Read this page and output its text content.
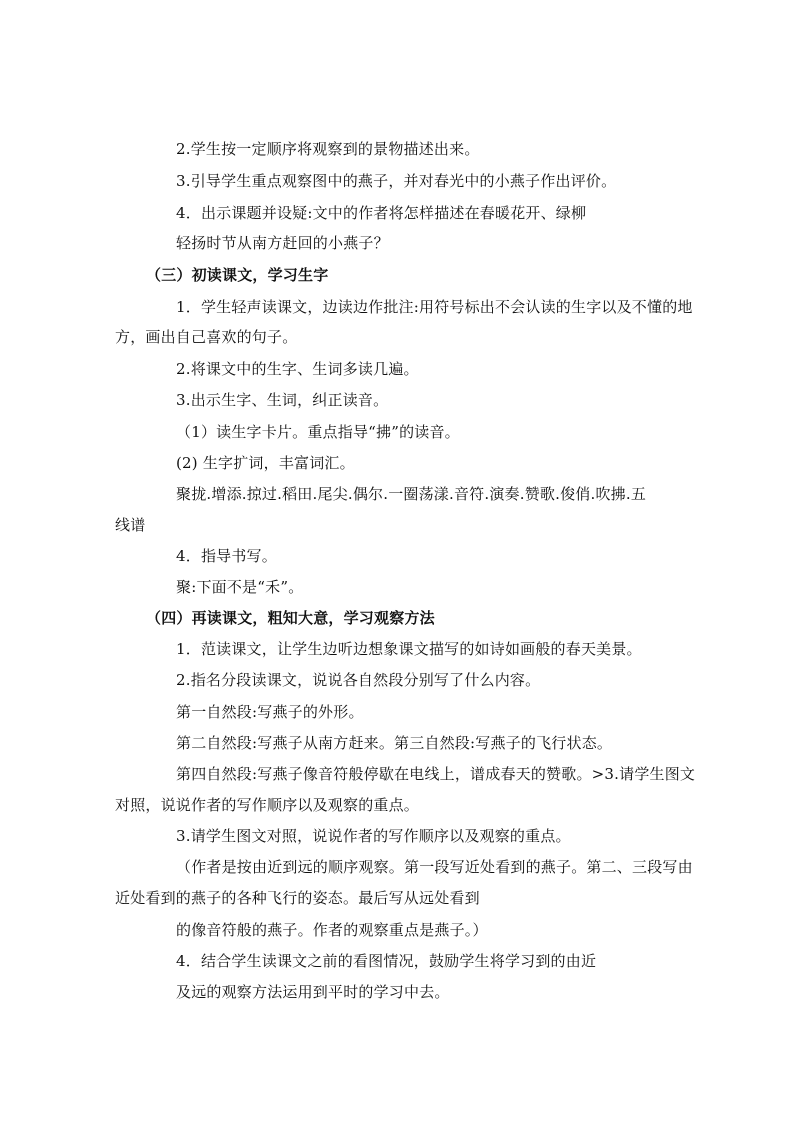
2.学生按一定顺序将观察到的景物描述出来。
3.引导学生重点观察图中的燕子，并对春光中的小燕子作出评价。
4．出示课题并设疑:文中的作者将怎样描述在春暖花开、绿柳
轻扬时节从南方赶回的小燕子？
（三）初读课文，学习生字
1．学生轻声读课文，边读边作批注:用符号标出不会认读的生字以及不懂的地
方，画出自己喜欢的句子。
2.将课文中的生字、生词多读几遍。
3.出示生字、生词，纠正读音。
（1）读生字卡片。重点指导“拂”的读音。
(2) 生字扩词，丰富词汇。
聚拢.增添.掠过.稻田.尾尖.偶尔.一圈荡漾.音符.演奏.赞歌.俊俏.吹拂.五
线谱
4．指导书写。
聚:下面不是“禾”。
（四）再读课文，粗知大意，学习观察方法
1．范读课文，让学生边听边想象课文描写的如诗如画般的春天美景。
2.指名分段读课文，说说各自然段分别写了什么内容。
第一自然段:写燕子的外形。
第二自然段:写燕子从南方赶来。第三自然段:写燕子的飞行状态。
第四自然段:写燕子像音符般停歇在电线上，谱成春天的赞歌。>3.请学生图文
对照，说说作者的写作顺序以及观察的重点。
3.请学生图文对照，说说作者的写作顺序以及观察的重点。
（作者是按由近到远的顺序观察。第一段写近处看到的燕子。第二、三段写由
近处看到的燕子的各种飞行的姿态。最后写从远处看到
的像音符般的燕子。作者的观察重点是燕子。）
4．结合学生读课文之前的看图情况，鼓励学生将学习到的由近
及远的观察方法运用到平时的学习中去。
